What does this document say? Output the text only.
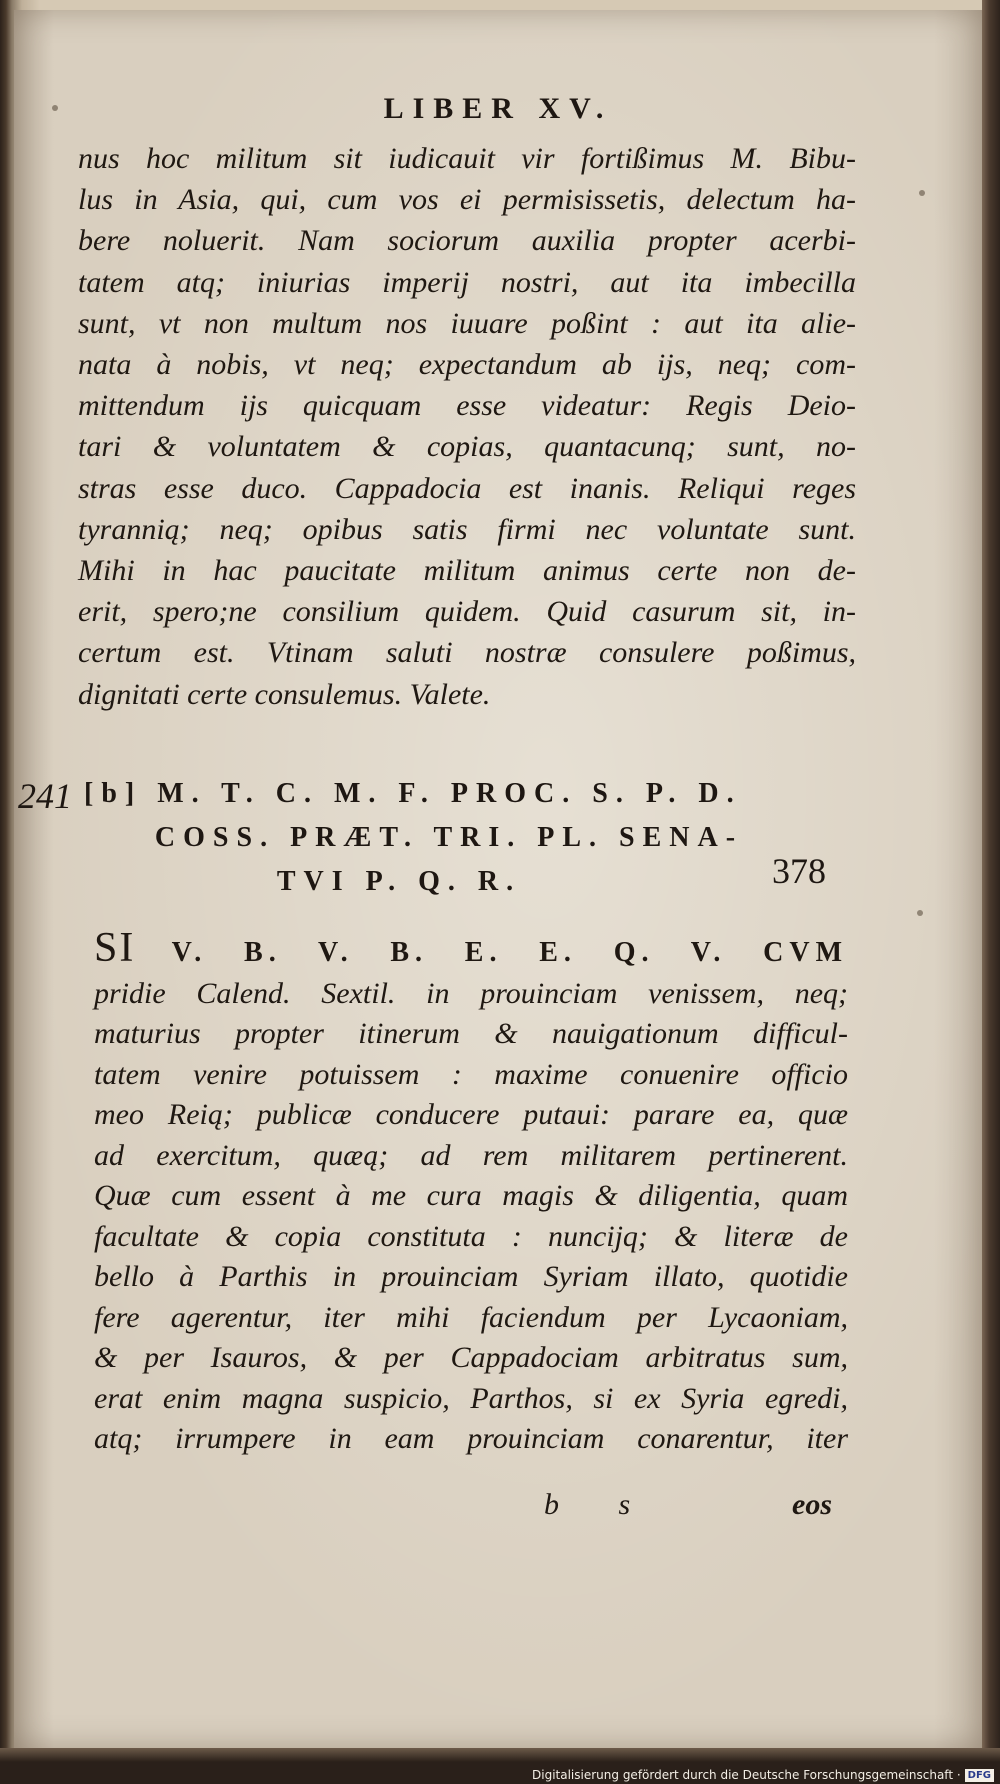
LIBER XV.
nus hoc militum sit iudicauit vir fortißimus M. Bibu-
lus in Asia, qui, cum vos ei permisissetis, delectum ha-
bere noluerit. Nam sociorum auxilia propter acerbi-
tatem atq; iniurias imperij nostri, aut ita imbecilla
sunt, vt non multum nos iuuare poßint : aut ita alie-
nata à nobis, vt neq; expectandum ab ijs, neq; com-
mittendum ijs quicquam esse videatur: Regis Deio-
tari & voluntatem & copias, quantacunq; sunt, no-
stras esse duco. Cappadocia est inanis. Reliqui reges
tyrannią; neq; opibus satis firmi nec voluntate sunt.
Mihi in hac paucitate militum animus certe non de-
erit, spero;ne consilium quidem. Quid casurum sit, in-
certum est. Vtinam saluti nostræ consulere poßimus,
dignitati certe consulemus. Valete.
241 [b] M. T. C. M. F. PROC. S. P. D.
COSS. PRÆT. TRI. PL. SENA-
TVI P. Q. R.	378
SI V. B. V. B. E. E. Q. V. CVM
pridie Calend. Sextil. in prouinciam venissem, neq;
maturius propter itinerum & nauigationum difficul-
tatem venire potuissem : maxime conuenire officio
meo Reią; publicæ conducere putaui: parare ea, quæ
ad exercitum, quæą; ad rem militarem pertinerent.
Quæ cum essent à me cura magis & diligentia, quam
facultate & copia constituta : nuncijq; & literæ de
bello à Parthis in prouinciam Syriam illato, quotidie
fere agerentur, iter mihi faciendum per Lycaoniam,
& per Isauros, & per Cappadociam arbitratus sum,
erat enim magna suspicio, Parthos, si ex Syria egredi,
atq; irrumpere in eam prouinciam conarentur, iter
b s	eos
Digitalisierung gefördert durch die Deutsche Forschungsgemeinschaft · DFG
